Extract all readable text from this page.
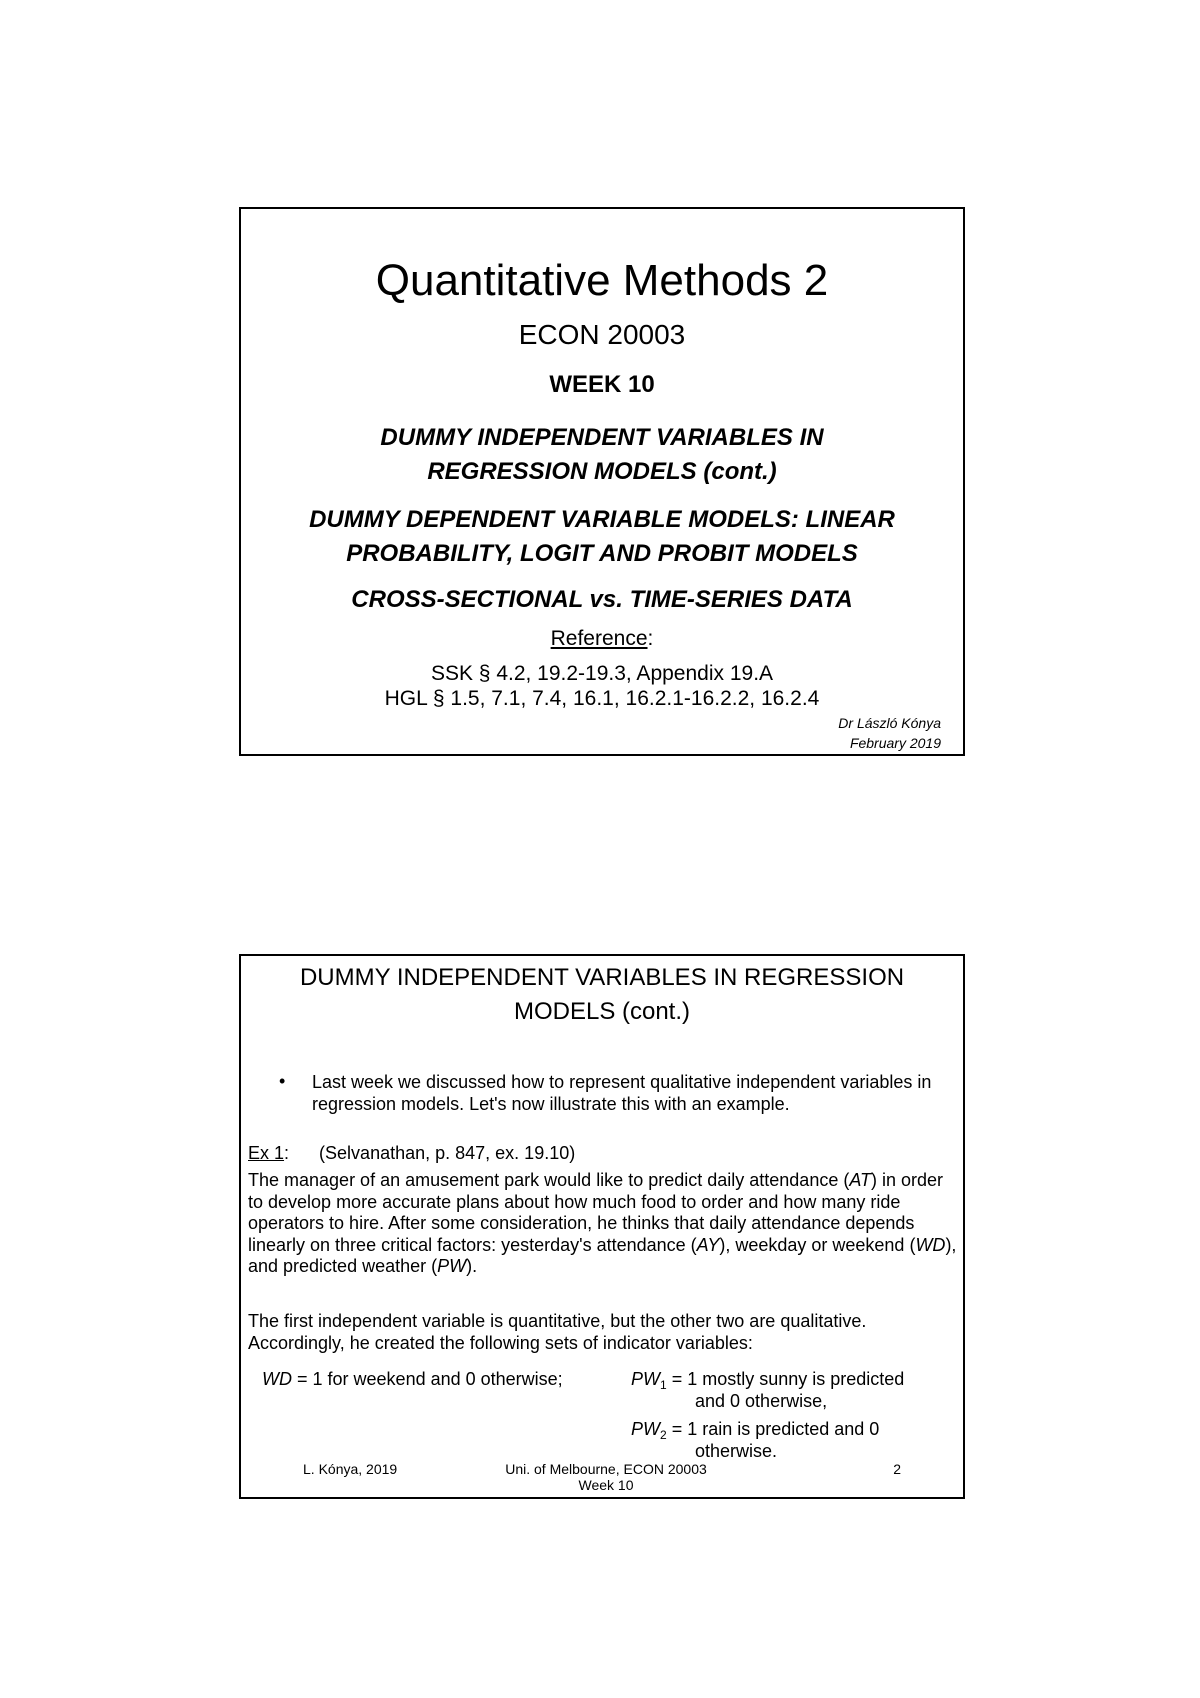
Quantitative Methods 2
ECON 20003
WEEK 10
DUMMY INDEPENDENT VARIABLES IN
REGRESSION MODELS (cont.)
DUMMY DEPENDENT VARIABLE MODELS: LINEAR
PROBABILITY, LOGIT AND PROBIT MODELS
CROSS-SECTIONAL vs. TIME-SERIES DATA
Reference:
SSK § 4.2, 19.2-19.3, Appendix 19.A
HGL § 1.5, 7.1, 7.4, 16.1, 16.2.1-16.2.2, 16.2.4
Dr László Kónya
February 2019
DUMMY INDEPENDENT VARIABLES IN REGRESSION
MODELS (cont.)
• Last week we discussed how to represent qualitative independent variables in regression models. Let's now illustrate this with an example.
Ex 1: (Selvanathan, p. 847, ex. 19.10)
The manager of an amusement park would like to predict daily attendance (AT) in order to develop more accurate plans about how much food to order and how many ride operators to hire. After some consideration, he thinks that daily attendance depends linearly on three critical factors: yesterday's attendance (AY), weekday or weekend (WD), and predicted weather (PW).
The first independent variable is quantitative, but the other two are qualitative. Accordingly, he created the following sets of indicator variables:
WD = 1 for weekend and 0 otherwise;	$PW_1 = 1$ mostly sunny is predicted
and 0 otherwise,
$PW_2 = 1$ rain is predicted and 0
otherwise.
L. Kónya, 2019	Uni. of Melbourne, ECON 20003
Week 10
2
